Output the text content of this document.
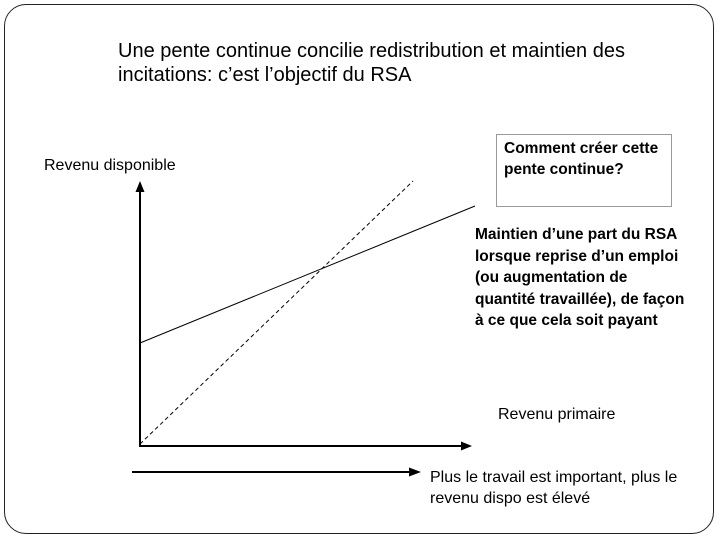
Une pente continue concilie redistribution et maintien des incitations: c’est l’objectif du RSA
Revenu disponible
Comment créer cette pente continue?
Maintien d’une part du RSA lorsque reprise d’un emploi (ou augmentation de quantité travaillée), de façon à ce que cela soit payant
Revenu primaire
Plus le travail est important, plus le revenu dispo est élevé
